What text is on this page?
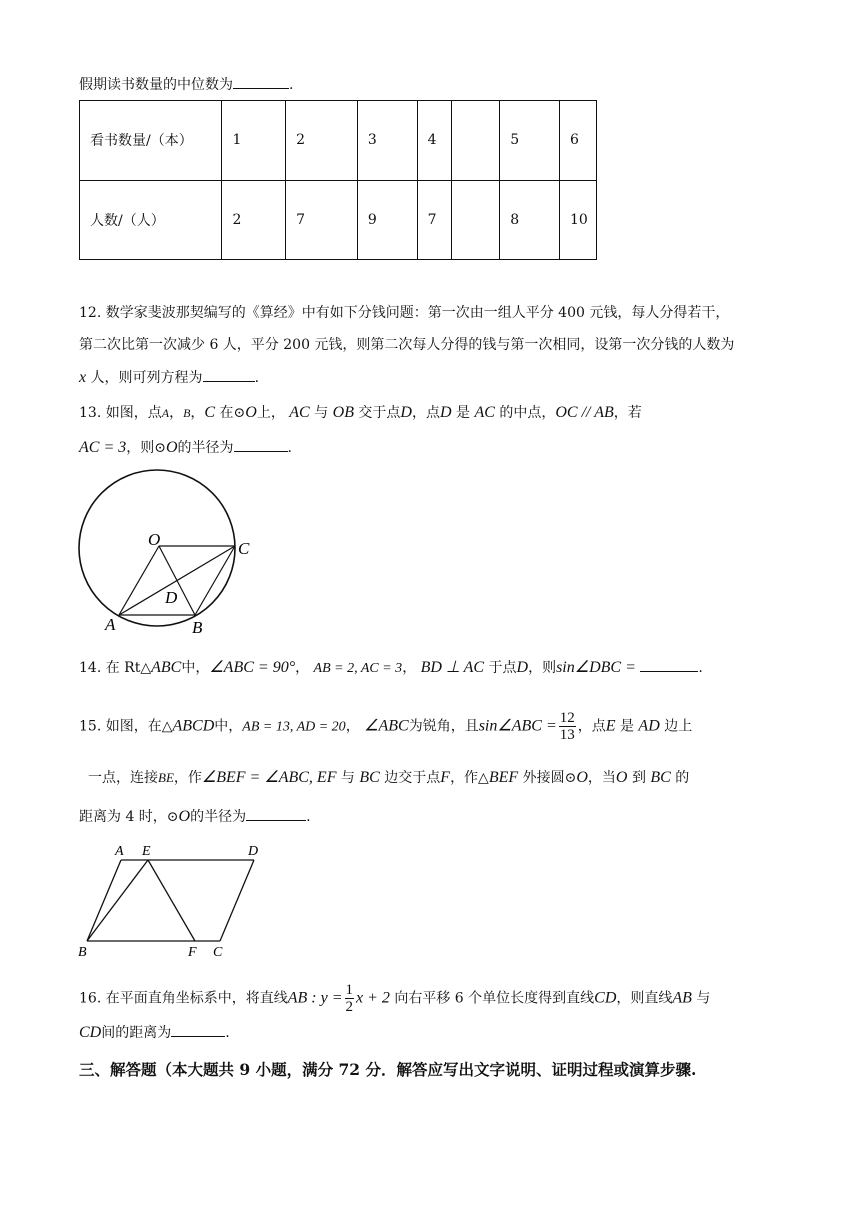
假期读书数量的中位数为	.
看书数量/（本）	1	2	3	4		5	6
人数/（人）	2	7	9	7		8	10
12. 数学家斐波那契编写的《算经》中有如下分钱问题：第一次由一组人平分 400 元钱，每人分得若干，
第二次比第一次减少 6 人，平分 200 元钱，则第二次每人分得的钱与第一次相同，设第一次分钱的人数为
x 人，则可列方程为	.
13. 如图，点A，B，C 在⊙O上， AC 与 OB 交于点D，点D 是 AC 的中点，OC // AB，若
AC = 3，则⊙O的半径为	.
O	C
D
A	B
14. 在 Rt△ABC中，∠ABC = 90°， AB = 2, AC = 3， BD ⊥ AC 于点D，则sin∠DBC =	.
15. 如图，在△ABCD中，AB = 13, AD = 20， ∠ABC为锐角，且sin∠ABC = $\frac{12}{13}$ ，点E 是 AD 边上
一点，连接BE，作∠BEF = ∠ABC, EF 与 BC 边交于点F，作△BEF 外接圆⊙O，当O 到 BC 的
距离为 4 时，⊙O的半径为	.
A E	D
B	F C
16. 在平面直角坐标系中，将直线AB : $y = \frac{1}{2}$ x + 2 向右平移 6 个单位长度得到直线CD，则直线AB 与
CD间的距离为	.
三、解答题（本大题共 9 小题，满分 72 分．解答应写出文字说明、证明过程或演算步骤.
